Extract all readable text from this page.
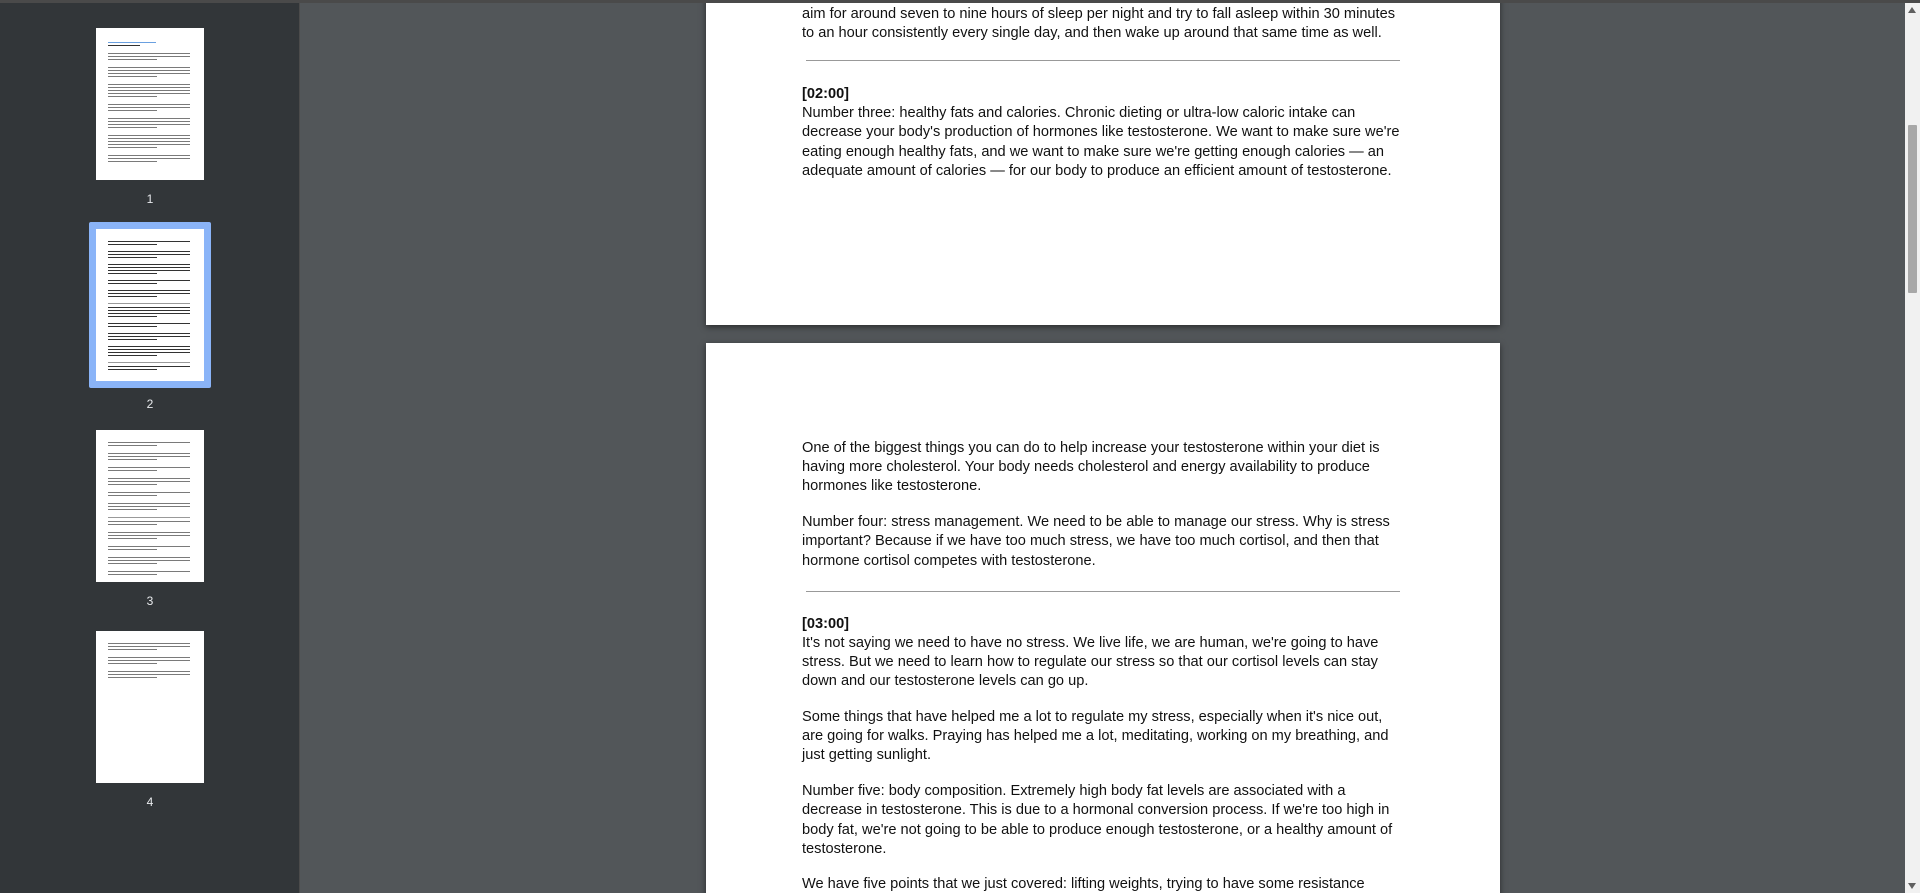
1
2
3
4

aim for around seven to nine hours of sleep per night and try to fall asleep within 30 minutes to an hour consistently every single day, and then wake up around that same time as well.

[02:00]

Number three: healthy fats and calories. Chronic dieting or ultra-low caloric intake can decrease your body's production of hormones like testosterone. We want to make sure we're eating enough healthy fats, and we want to make sure we're getting enough calories — an adequate amount of calories — for our body to produce an efficient amount of testosterone.

One of the biggest things you can do to help increase your testosterone within your diet is having more cholesterol. Your body needs cholesterol and energy availability to produce hormones like testosterone.

Number four: stress management. We need to be able to manage our stress. Why is stress important? Because if we have too much stress, we have too much cortisol, and then that hormone cortisol competes with testosterone.

[03:00]

It's not saying we need to have no stress. We live life, we are human, we're going to have stress. But we need to learn how to regulate our stress so that our cortisol levels can stay down and our testosterone levels can go up.

Some things that have helped me a lot to regulate my stress, especially when it's nice out, are going for walks. Praying has helped me a lot, meditating, working on my breathing, and just getting sunlight.

Number five: body composition. Extremely high body fat levels are associated with a decrease in testosterone. This is due to a hormonal conversion process. If we're too high in body fat, we're not going to be able to produce enough testosterone, or a healthy amount of testosterone.

We have five points that we just covered: lifting weights, trying to have some resistance
